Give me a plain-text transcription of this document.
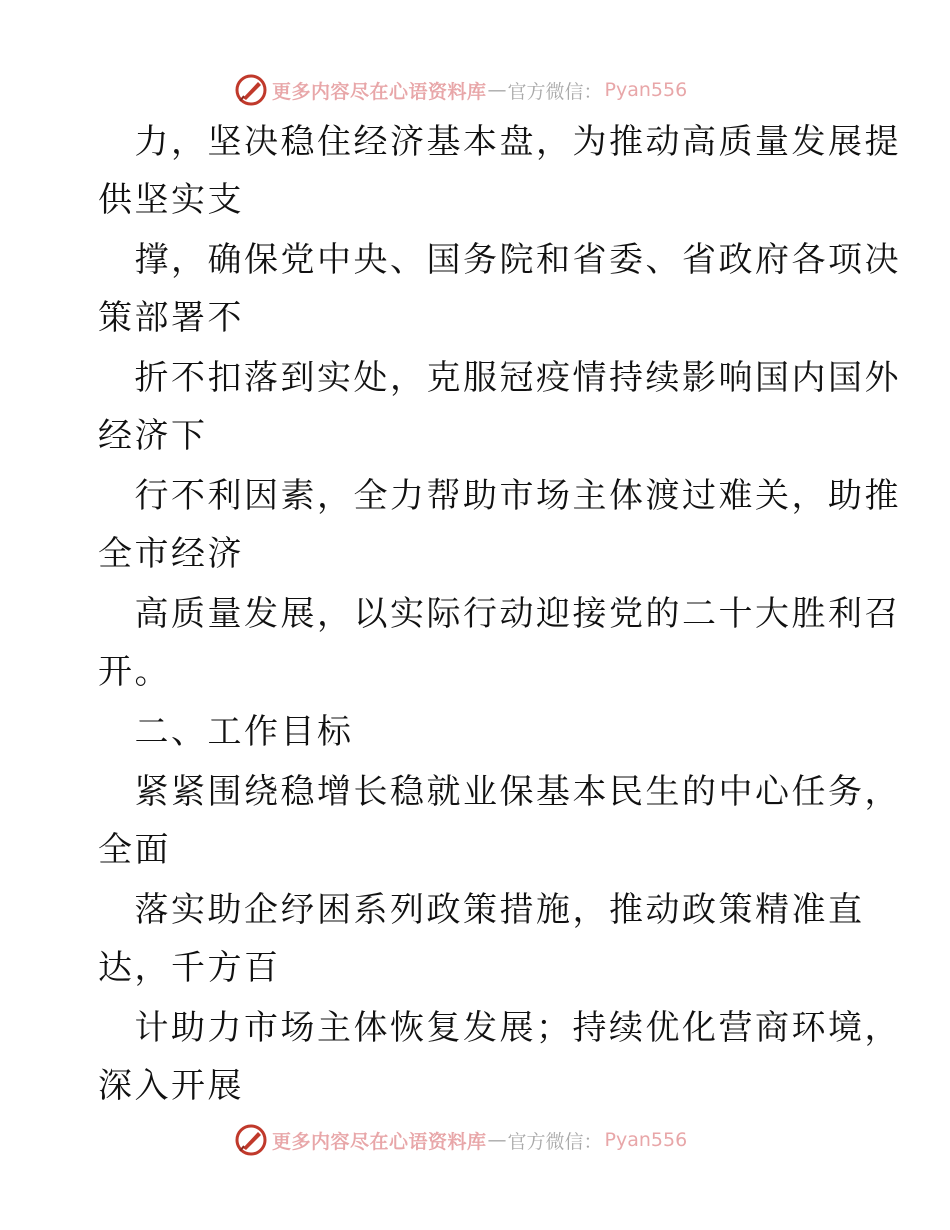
更多内容尽在心语资料库 — 官方微信： Pyan556
　力，坚决稳住经济基本盘，为推动高质量发展提
供坚实支
　撑，确保党中央、国务院和省委、省政府各项决
策部署不
　折不扣落到实处，克服冠疫情持续影响国内国外
经济下
　行不利因素，全力帮助市场主体渡过难关，助推
全市经济
　高质量发展，以实际行动迎接党的二十大胜利召
开。
　二、工作目标
　紧紧围绕稳增长稳就业保基本民生的中心任务，
全面
　落实助企纾困系列政策措施，推动政策精准直
达，千方百
　计助力市场主体恢复发展；持续优化营商环境，
深入开展
更多内容尽在心语资料库 — 官方微信： Pyan556
